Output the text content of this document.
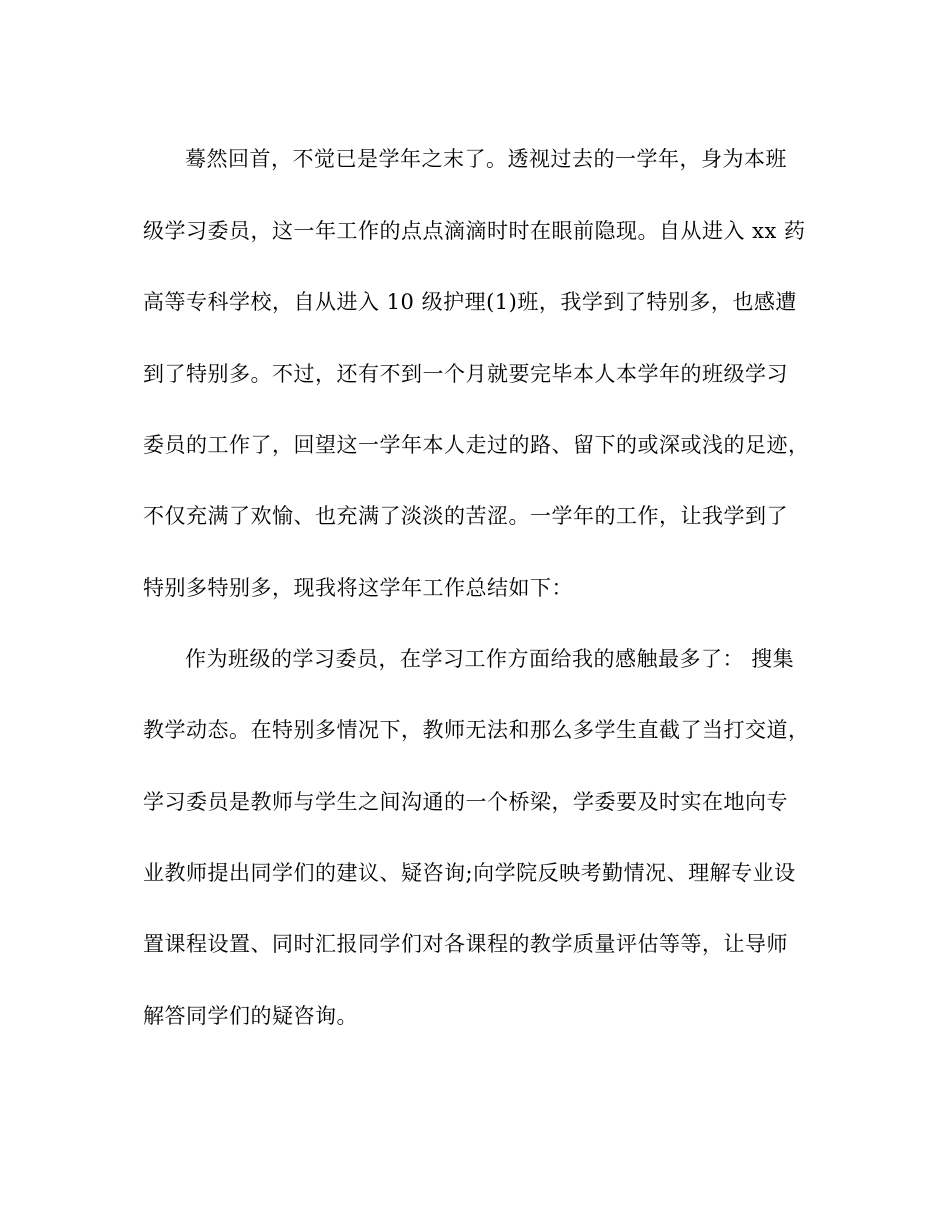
蓦然回首，不觉已是学年之末了。透视过去的一学年，身为本班
级学习委员，这一年工作的点点滴滴时时在眼前隐现。自从进入 xx 药
高等专科学校，自从进入 10 级护理(1)班，我学到了特别多，也感遭
到了特别多。不过，还有不到一个月就要完毕本人本学年的班级学习
委员的工作了，回望这一学年本人走过的路、留下的或深或浅的足迹，
不仅充满了欢愉、也充满了淡淡的苦涩。一学年的工作，让我学到了
特别多特别多，现我将这学年工作总结如下：
作为班级的学习委员，在学习工作方面给我的感触最多了： 搜集
教学动态。在特别多情况下，教师无法和那么多学生直截了当打交道，
学习委员是教师与学生之间沟通的一个桥梁，学委要及时实在地向专
业教师提出同学们的建议、疑咨询;向学院反映考勤情况、理解专业设
置课程设置、同时汇报同学们对各课程的教学质量评估等等，让导师
解答同学们的疑咨询。
